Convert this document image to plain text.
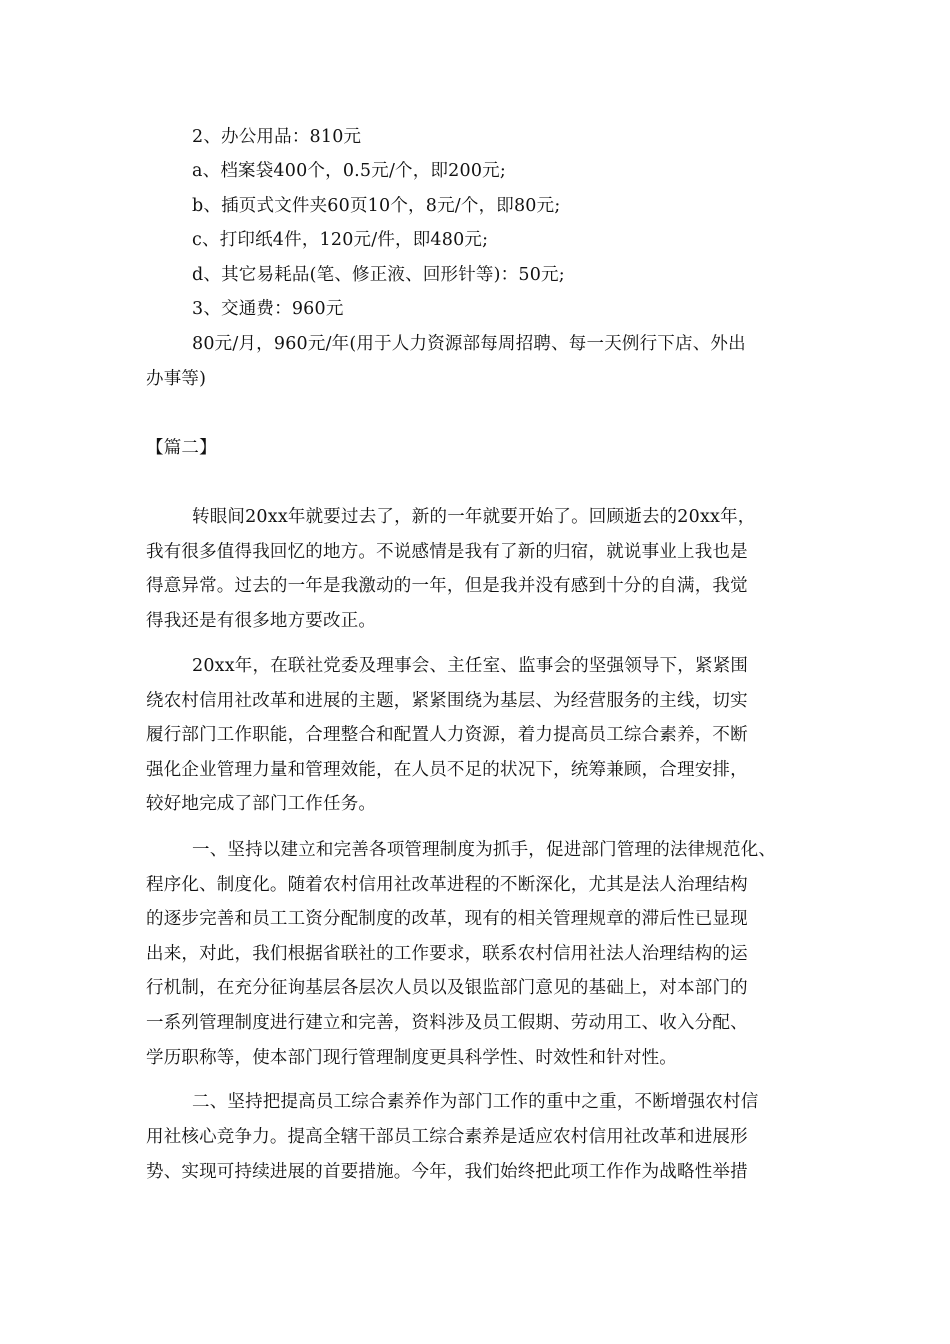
2、办公用品：810元
a、档案袋400个，0.5元/个，即200元;
b、插页式文件夹60页10个，8元/个，即80元;
c、打印纸4件，120元/件，即480元;
d、其它易耗品(笔、修正液、回形针等)：50元;
3、交通费：960元
80元/月，960元/年(用于人力资源部每周招聘、每一天例行下店、外出
办事等)
【篇二】
转眼间20xx年就要过去了，新的一年就要开始了。回顾逝去的20xx年，
我有很多值得我回忆的地方。不说感情是我有了新的归宿，就说事业上我也是
得意异常。过去的一年是我激动的一年，但是我并没有感到十分的自满，我觉
得我还是有很多地方要改正。
20xx年，在联社党委及理事会、主任室、监事会的坚强领导下，紧紧围
绕农村信用社改革和进展的主题，紧紧围绕为基层、为经营服务的主线，切实
履行部门工作职能，合理整合和配置人力资源，着力提高员工综合素养，不断
强化企业管理力量和管理效能，在人员不足的状况下，统筹兼顾，合理安排，
较好地完成了部门工作任务。
一、坚持以建立和完善各项管理制度为抓手，促进部门管理的法律规范化、
程序化、制度化。随着农村信用社改革进程的不断深化，尤其是法人治理结构
的逐步完善和员工工资分配制度的改革，现有的相关管理规章的滞后性已显现
出来，对此，我们根据省联社的工作要求，联系农村信用社法人治理结构的运
行机制，在充分征询基层各层次人员以及银监部门意见的基础上，对本部门的
一系列管理制度进行建立和完善，资料涉及员工假期、劳动用工、收入分配、
学历职称等，使本部门现行管理制度更具科学性、时效性和针对性。
二、坚持把提高员工综合素养作为部门工作的重中之重，不断增强农村信
用社核心竞争力。提高全辖干部员工综合素养是适应农村信用社改革和进展形
势、实现可持续进展的首要措施。今年，我们始终把此项工作作为战略性举措
